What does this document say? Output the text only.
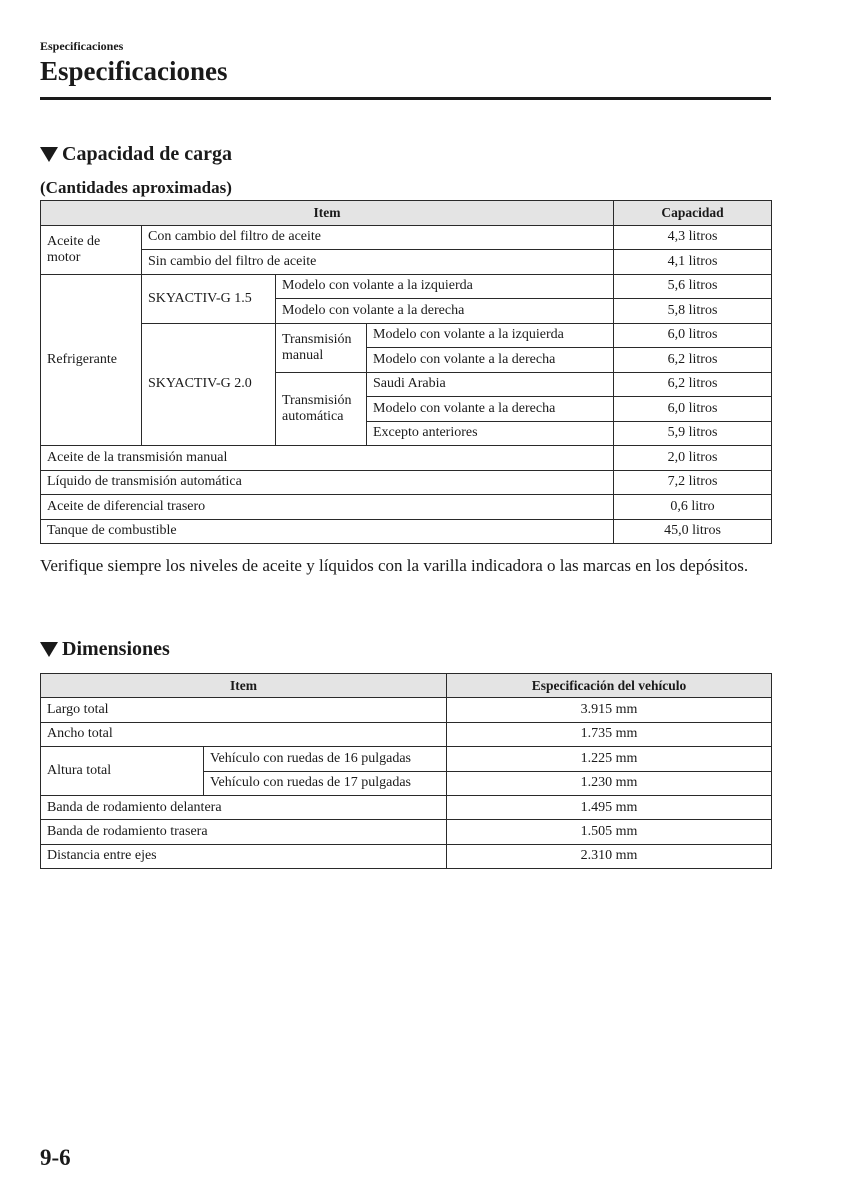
Especificaciones
Especificaciones
Capacidad de carga
(Cantidades aproximadas)
Item				Capacidad
Aceite de motor	Con cambio del filtro de aceite			4,3 litros
	Sin cambio del filtro de aceite			4,1 litros
Refrigerante	SKYACTIV-G 1.5	Modelo con volante a la izquierda		5,6 litros
		Modelo con volante a la derecha		5,8 litros
	SKYACTIV-G 2.0	Transmisión manual	Modelo con volante a la izquierda	6,0 litros
			Modelo con volante a la derecha	6,2 litros
		Transmisión automática	Saudi Arabia	6,2 litros
			Modelo con volante a la derecha	6,0 litros
			Excepto anteriores	5,9 litros
Aceite de la transmisión manual				2,0 litros
Líquido de transmisión automática				7,2 litros
Aceite de diferencial trasero				0,6 litro
Tanque de combustible				45,0 litros

Verifique siempre los niveles de aceite y líquidos con la varilla indicadora o las marcas en los depósitos.

Dimensiones
Item		Especificación del vehículo
Largo total		3.915 mm
Ancho total		1.735 mm
Altura total	Vehículo con ruedas de 16 pulgadas	1.225 mm
	Vehículo con ruedas de 17 pulgadas	1.230 mm
Banda de rodamiento delantera		1.495 mm
Banda de rodamiento trasera		1.505 mm
Distancia entre ejes		2.310 mm
9-6
